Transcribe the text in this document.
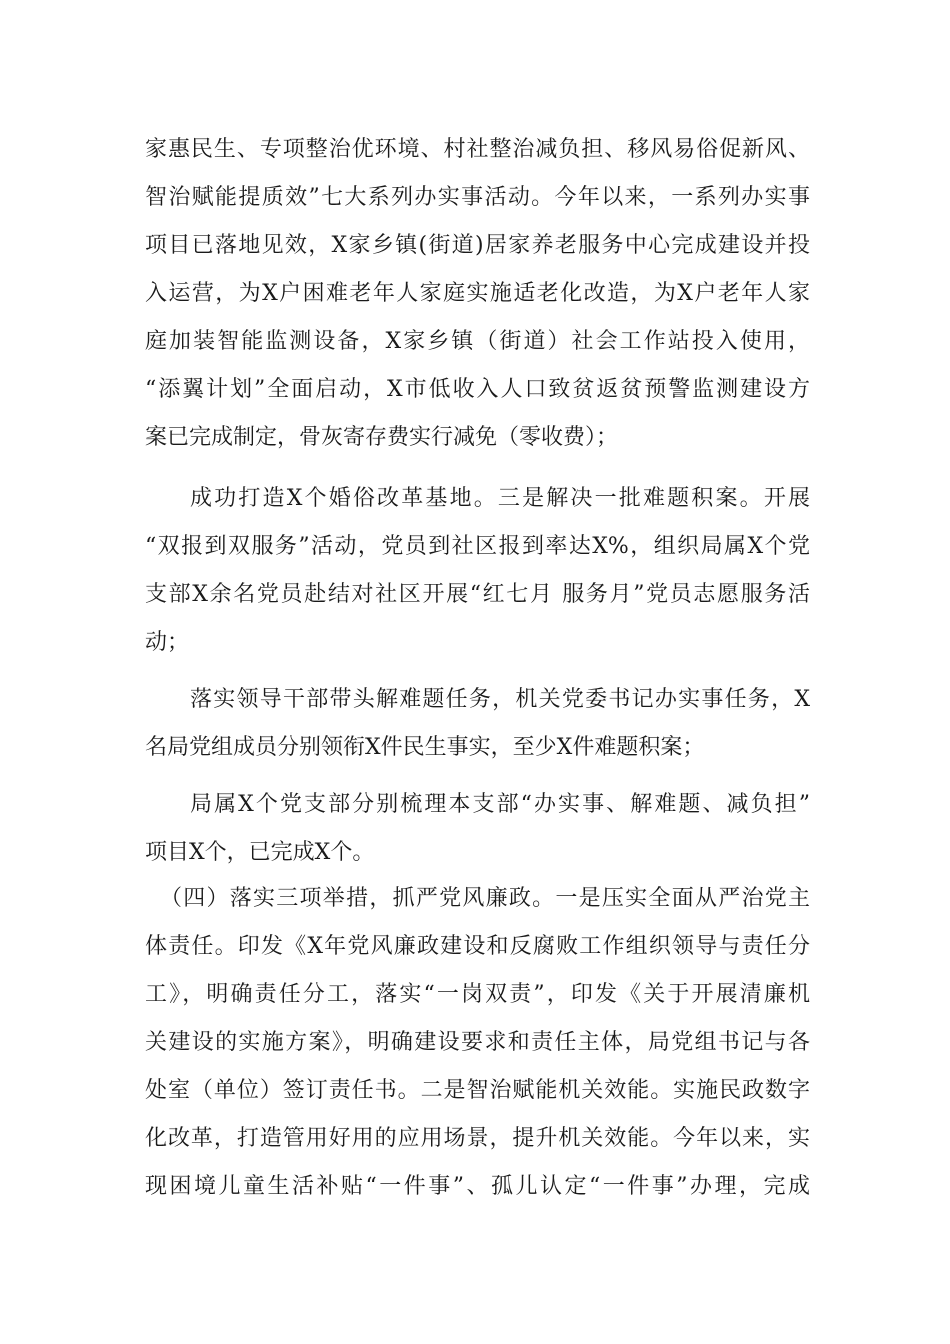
家惠民生、专项整治优环境、村社整治减负担、移风易俗促新风、
智治赋能提质效”七大系列办实事活动。今年以来，一系列办实事
项目已落地见效，X家乡镇(街道)居家养老服务中心完成建设并投
入运营，为X户困难老年人家庭实施适老化改造，为X户老年人家
庭加装智能监测设备，X家乡镇（街道）社会工作站投入使用，
“添翼计划”全面启动，X市低收入人口致贫返贫预警监测建设方
案已完成制定，骨灰寄存费实行减免（零收费）；
成功打造X个婚俗改革基地。三是解决一批难题积案。开展
“双报到双服务”活动，党员到社区报到率达X%，组织局属X个党
支部X余名党员赴结对社区开展“红七月 服务月”党员志愿服务活
动；
落实领导干部带头解难题任务，机关党委书记办实事任务，X
名局党组成员分别领衔X件民生事实，至少X件难题积案；
局属X个党支部分别梳理本支部“办实事、解难题、减负担”
项目X个，已完成X个。
（四）落实三项举措，抓严党风廉政。一是压实全面从严治党主
体责任。印发《X年党风廉政建设和反腐败工作组织领导与责任分
工》，明确责任分工，落实“一岗双责”，印发《关于开展清廉机
关建设的实施方案》，明确建设要求和责任主体，局党组书记与各
处室（单位）签订责任书。二是智治赋能机关效能。实施民政数字
化改革，打造管用好用的应用场景，提升机关效能。今年以来，实
现困境儿童生活补贴“一件事”、孤儿认定“一件事”办理，完成
